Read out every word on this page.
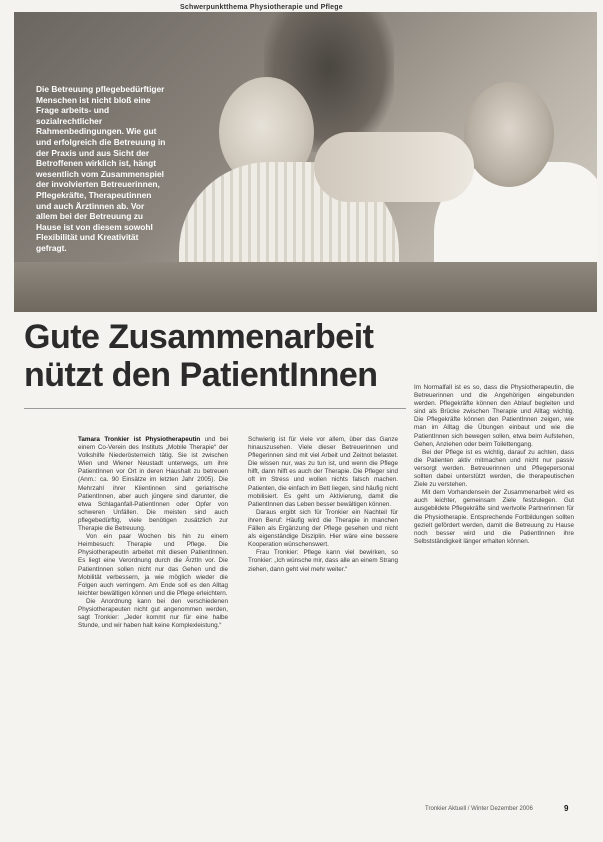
Schwerpunktthema Physiotherapie und Pflege
Die Betreuung pflegebedürftiger Menschen ist nicht bloß eine Frage arbeits- und sozialrechtlicher Rahmenbedingungen. Wie gut und erfolgreich die Betreuung in der Praxis und aus Sicht der Betroffenen wirklich ist, hängt wesentlich vom Zusammenspiel der involvierten Betreuerinnen, Pflegekräfte, Therapeutinnen und auch Ärztinnen ab. Vor allem bei der Betreuung zu Hause ist von diesem sowohl Flexibilität und Kreativität gefragt.
Gute Zusammenarbeit
nützt den PatientInnen

Tamara Tronkier ist Physiotherapeutin und bei einem Co-Verein des Instituts „Mobile Therapie“ der Volkshilfe Niederösterreich tätig. Sie ist zwischen Wien und Wiener Neustadt unterwegs, um ihre PatientInnen vor Ort in deren Haushalt zu betreuen (Anm.: ca. 90 Einsätze im letzten Jahr 2005). Die Mehrzahl ihrer Klientinnen sind geriatrische PatientInnen, aber auch jüngere sind darunter, die etwa Schlaganfall-PatientInnen oder Opfer von schweren Unfällen. Die meisten sind auch pflegebedürftig, viele benötigen zusätzlich zur Therapie die Betreuung.

Von ein paar Wochen bis hin zu einem Heimbesuch: Therapie und Pflege. Die PhysiotherapeutIn arbeitet mit diesen PatientInnen. Es liegt eine Verordnung durch die ÄrztIn vor. Die PatientInnen sollen nicht nur das Gehen und die Mobilität verbessern, ja wie möglich wieder die Folgen auch verringern. Am Ende soll es den Alltag leichter bewältigen können und die Pflege erleichtern.

Die Anordnung kann bei den verschiedenen Physiotherapeuten nicht gut angenommen werden, sagt Tronkier: „Jeder kommt nur für eine halbe Stunde, und wir haben halt keine Komplexleistung.“

Schwierig ist für viele vor allem, über das Ganze hinauszusehen. Viele dieser Betreuerinnen und Pflegerinnen sind mit viel Arbeit und Zeitnot belastet. Die wissen nur, was zu tun ist, und wenn die Pflege hilft, dann hilft es auch der Therapie. Die Pfleger sind oft im Stress und wollen nichts falsch machen. Patienten, die einfach im Bett liegen, sind häufig nicht mobilisiert. Es geht um Aktivierung, damit die PatientInnen das Leben besser bewältigen können.

Daraus ergibt sich für Tronkier ein Nachteil für ihren Beruf: Häufig wird die Therapie in manchen Fällen als Ergänzung der Pflege gesehen und nicht als eigenständige Disziplin. Hier wäre eine bessere Kooperation wünschenswert.

Frau Tronkier: Pflege kann viel bewirken, so Tronkier: „Ich wünsche mir, dass alle an einem Strang ziehen, dann geht viel mehr weiter.“

Im Normalfall ist es so, dass die Physiotherapeutin, die Betreuerinnen und die Angehörigen eingebunden werden. Pflegekräfte können den Ablauf begleiten und sind als Brücke zwischen Therapie und Alltag wichtig. Die Pflegekräfte können den PatientInnen zeigen, wie man im Alltag die Übungen einbaut und wie die PatientInnen sich bewegen sollen, etwa beim Aufstehen, Gehen, Anziehen oder beim Toilettengang.

Bei der Pflege ist es wichtig, darauf zu achten, dass die Patienten aktiv mitmachen und nicht nur passiv versorgt werden. Betreuerinnen und Pflegepersonal sollten dabei unterstützt werden, die therapeutischen Ziele zu verstehen.

Mit dem Vorhandensein der Zusammenarbeit wird es auch leichter, gemeinsam Ziele festzulegen. Gut ausgebildete Pflegekräfte sind wertvolle Partnerinnen für die Physiotherapie. Entsprechende Fortbildungen sollten gezielt gefördert werden, damit die Betreuung zu Hause noch besser wird und die PatientInnen ihre Selbstständigkeit länger erhalten können.

Tronkier Aktuell / Winter Dezember 2006	9
